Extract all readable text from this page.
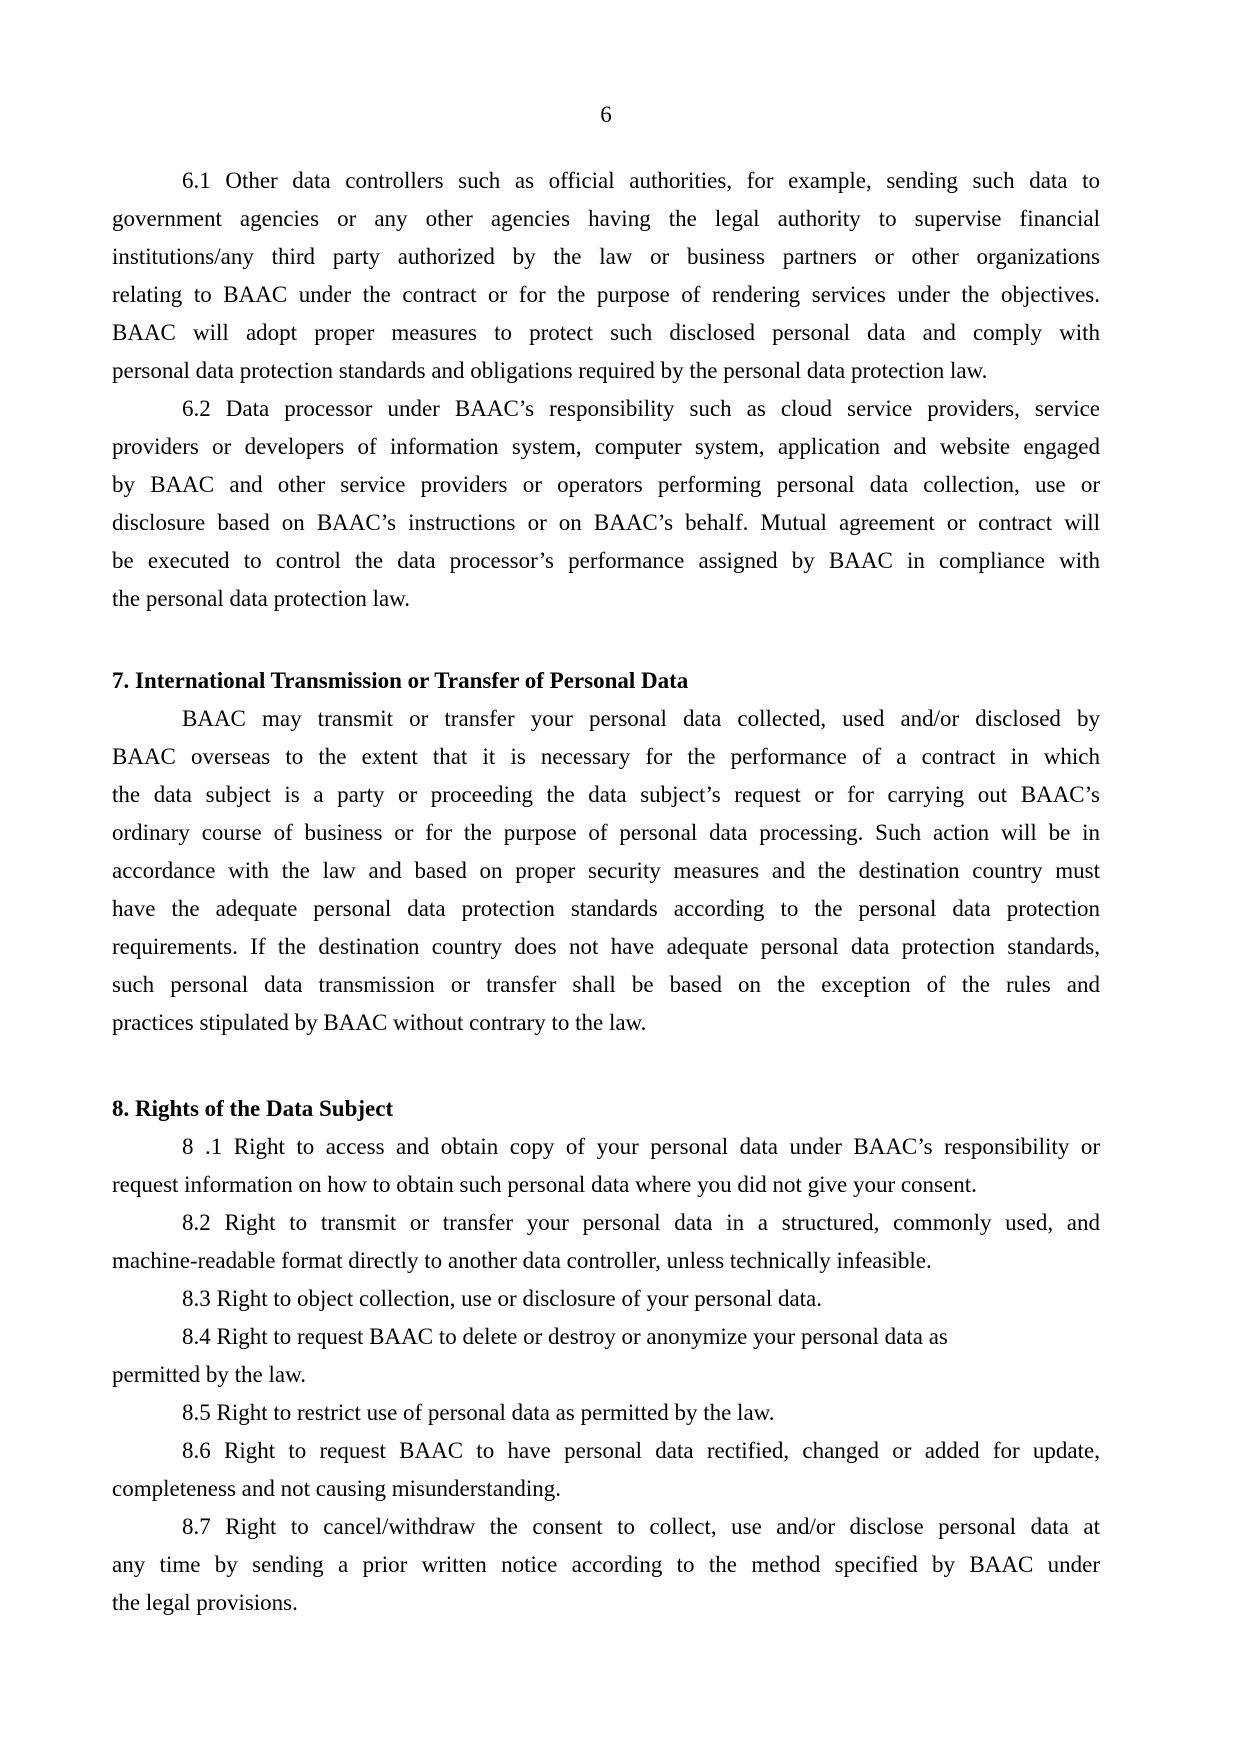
6
6.1 Other data controllers such as official authorities, for example, sending such data to
government agencies or any other agencies having the legal authority to supervise financial
institutions/any third party authorized by the law or business partners or other organizations
relating to BAAC under the contract or for the purpose of rendering services under the objectives.
BAAC will adopt proper measures to protect such disclosed personal data and comply with
personal data protection standards and obligations required by the personal data protection law.
6.2 Data processor under BAAC’s responsibility such as cloud service providers, service
providers or developers of information system, computer system, application and website engaged
by BAAC and other service providers or operators performing personal data collection, use or
disclosure based on BAAC’s instructions or on BAAC’s behalf. Mutual agreement or contract will
be executed to control the data processor’s performance assigned by BAAC in compliance with
the personal data protection law.
7. International Transmission or Transfer of Personal Data
BAAC may transmit or transfer your personal data collected, used and/or disclosed by
BAAC overseas to the extent that it is necessary for the performance of a contract in which
the data subject is a party or proceeding the data subject’s request or for carrying out BAAC’s
ordinary course of business or for the purpose of personal data processing. Such action will be in
accordance with the law and based on proper security measures and the destination country must
have the adequate personal data protection standards according to the personal data protection
requirements. If the destination country does not have adequate personal data protection standards,
such personal data transmission or transfer shall be based on the exception of the rules and
practices stipulated by BAAC without contrary to the law.
8. Rights of the Data Subject
8 .1 Right to access and obtain copy of your personal data under BAAC’s responsibility or
request information on how to obtain such personal data where you did not give your consent.
8.2 Right to transmit or transfer your personal data in a structured, commonly used, and
machine-readable format directly to another data controller, unless technically infeasible.
8.3 Right to object collection, use or disclosure of your personal data.
8.4 Right to request BAAC to delete or destroy or anonymize your personal data as
permitted by the law.
8.5 Right to restrict use of personal data as permitted by the law.
8.6 Right to request BAAC to have personal data rectified, changed or added for update,
completeness and not causing misunderstanding.
8.7 Right to cancel/withdraw the consent to collect, use and/or disclose personal data at
any time by sending a prior written notice according to the method specified by BAAC under
the legal provisions.
